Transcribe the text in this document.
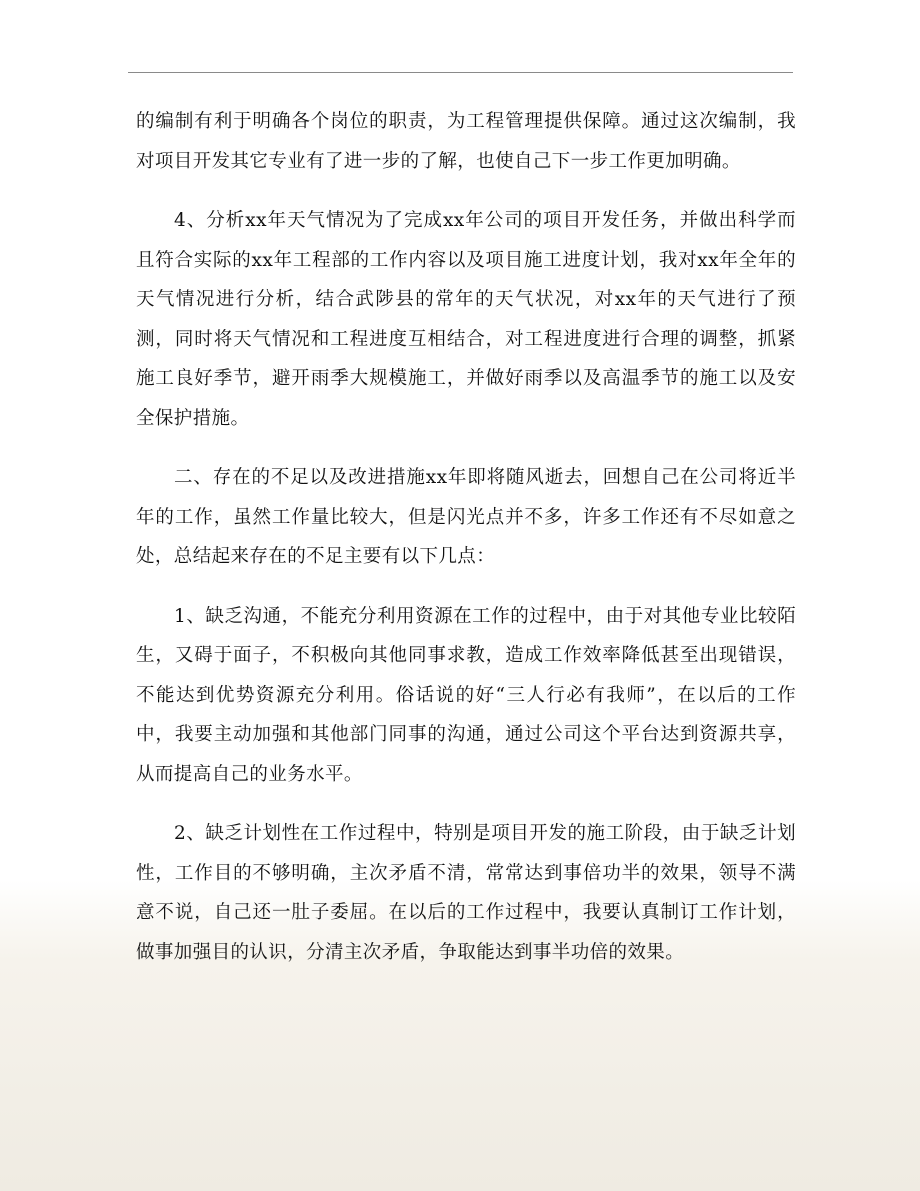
的编制有利于明确各个岗位的职责，为工程管理提供保障。通过这次编制，我对项目开发其它专业有了进一步的了解，也使自己下一步工作更加明确。

4、分析xx年天气情况为了完成xx年公司的项目开发任务，并做出科学而且符合实际的xx年工程部的工作内容以及项目施工进度计划，我对xx年全年的天气情况进行分析，结合武陟县的常年的天气状况，对xx年的天气进行了预测，同时将天气情况和工程进度互相结合，对工程进度进行合理的调整，抓紧施工良好季节，避开雨季大规模施工，并做好雨季以及高温季节的施工以及安全保护措施。

二、存在的不足以及改进措施xx年即将随风逝去，回想自己在公司将近半年的工作，虽然工作量比较大，但是闪光点并不多，许多工作还有不尽如意之处，总结起来存在的不足主要有以下几点：

1、缺乏沟通，不能充分利用资源在工作的过程中，由于对其他专业比较陌生，又碍于面子，不积极向其他同事求教，造成工作效率降低甚至出现错误，不能达到优势资源充分利用。俗话说的好“三人行必有我师”，在以后的工作中，我要主动加强和其他部门同事的沟通，通过公司这个平台达到资源共享，从而提高自己的业务水平。

2、缺乏计划性在工作过程中，特别是项目开发的施工阶段，由于缺乏计划性，工作目的不够明确，主次矛盾不清，常常达到事倍功半的效果，领导不满意不说，自己还一肚子委屈。在以后的工作过程中，我要认真制订工作计划，做事加强目的认识，分清主次矛盾，争取能达到事半功倍的效果。
